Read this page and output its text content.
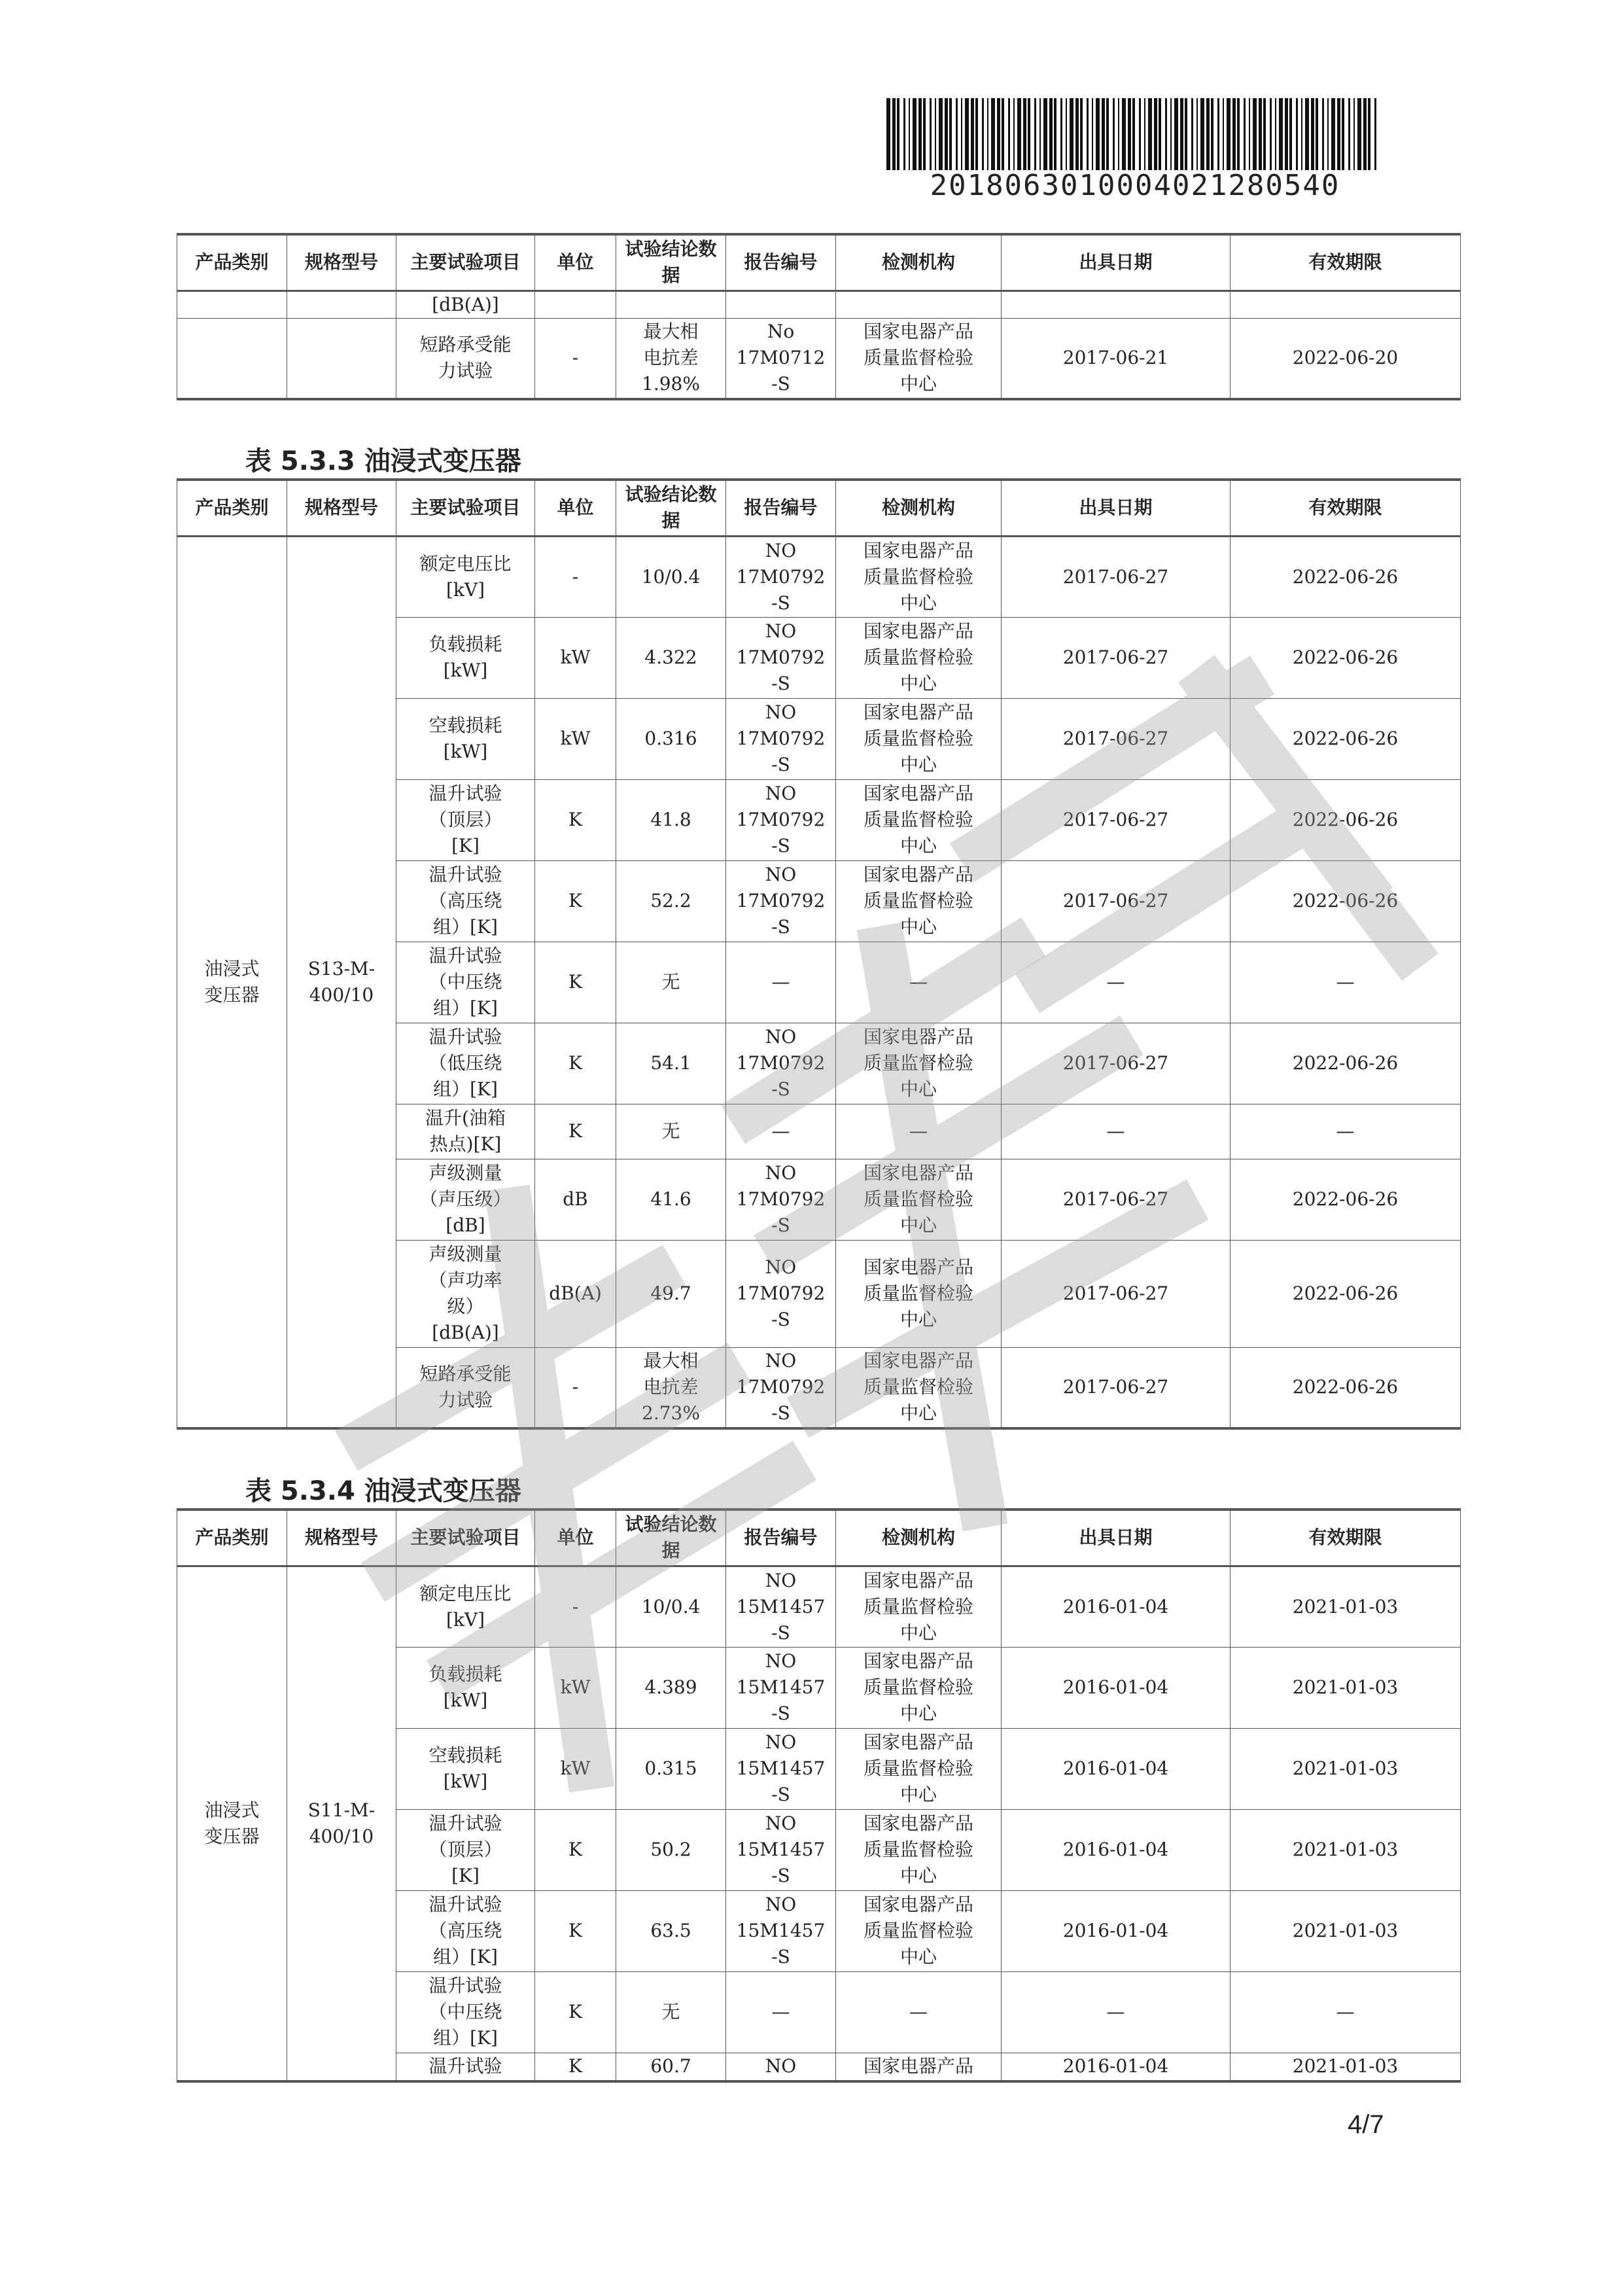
2018063010004021280540
产品类别	规格型号	主要试验项目	单位	试验结论数据	报告编号	检测机构	出具日期	有效期限
		[dB(A)]						
		短路承受能
力试验	-	最大相
电抗差
1.98%	No
17M0712
-S	国家电器产品
质量监督检验
中心	2017-06-21	2022-06-20
表 5.3.3 油浸式变压器
产品类别	规格型号	主要试验项目	单位	试验结论数据	报告编号	检测机构	出具日期	有效期限
油浸式
变压器	S13-M-
400/10	额定电压比
[kV]	-	10/0.4	NO
17M0792
-S	国家电器产品
质量监督检验
中心	2017-06-27	2022-06-26
		负载损耗
[kW]	kW	4.322	NO
17M0792
-S	国家电器产品
质量监督检验
中心	2017-06-27	2022-06-26
		空载损耗
[kW]	kW	0.316	NO
17M0792
-S	国家电器产品
质量监督检验
中心	2017-06-27	2022-06-26
		温升试验
（顶层）
[K]	K	41.8	NO
17M0792
-S	国家电器产品
质量监督检验
中心	2017-06-27	2022-06-26
		温升试验
（高压绕
组）[K]	K	52.2	NO
17M0792
-S	国家电器产品
质量监督检验
中心	2017-06-27	2022-06-26
		温升试验
（中压绕
组）[K]	K	无	—	—	—	—
		温升试验
（低压绕
组）[K]	K	54.1	NO
17M0792
-S	国家电器产品
质量监督检验
中心	2017-06-27	2022-06-26
		温升(油箱
热点)[K]	K	无	—	—	—	—
		声级测量
（声压级）
[dB]	dB	41.6	NO
17M0792
-S	国家电器产品
质量监督检验
中心	2017-06-27	2022-06-26
		声级测量
（声功率
级）
[dB(A)]	dB(A)	49.7	NO
17M0792
-S	国家电器产品
质量监督检验
中心	2017-06-27	2022-06-26
		短路承受能
力试验	-	最大相
电抗差
2.73%	NO
17M0792
-S	国家电器产品
质量监督检验
中心	2017-06-27	2022-06-26
表 5.3.4 油浸式变压器
产品类别	规格型号	主要试验项目	单位	试验结论数据	报告编号	检测机构	出具日期	有效期限
油浸式
变压器	S11-M-
400/10	额定电压比
[kV]	-	10/0.4	NO
15M1457
-S	国家电器产品
质量监督检验
中心	2016-01-04	2021-01-03
		负载损耗
[kW]	kW	4.389	NO
15M1457
-S	国家电器产品
质量监督检验
中心	2016-01-04	2021-01-03
		空载损耗
[kW]	kW	0.315	NO
15M1457
-S	国家电器产品
质量监督检验
中心	2016-01-04	2021-01-03
		温升试验
（顶层）
[K]	K	50.2	NO
15M1457
-S	国家电器产品
质量监督检验
中心	2016-01-04	2021-01-03
		温升试验
（高压绕
组）[K]	K	63.5	NO
15M1457
-S	国家电器产品
质量监督检验
中心	2016-01-04	2021-01-03
		温升试验
（中压绕
组）[K]	K	无	—	—	—	—
		温升试验	K	60.7	NO	国家电器产品	2016-01-04	2021-01-03
4/7
